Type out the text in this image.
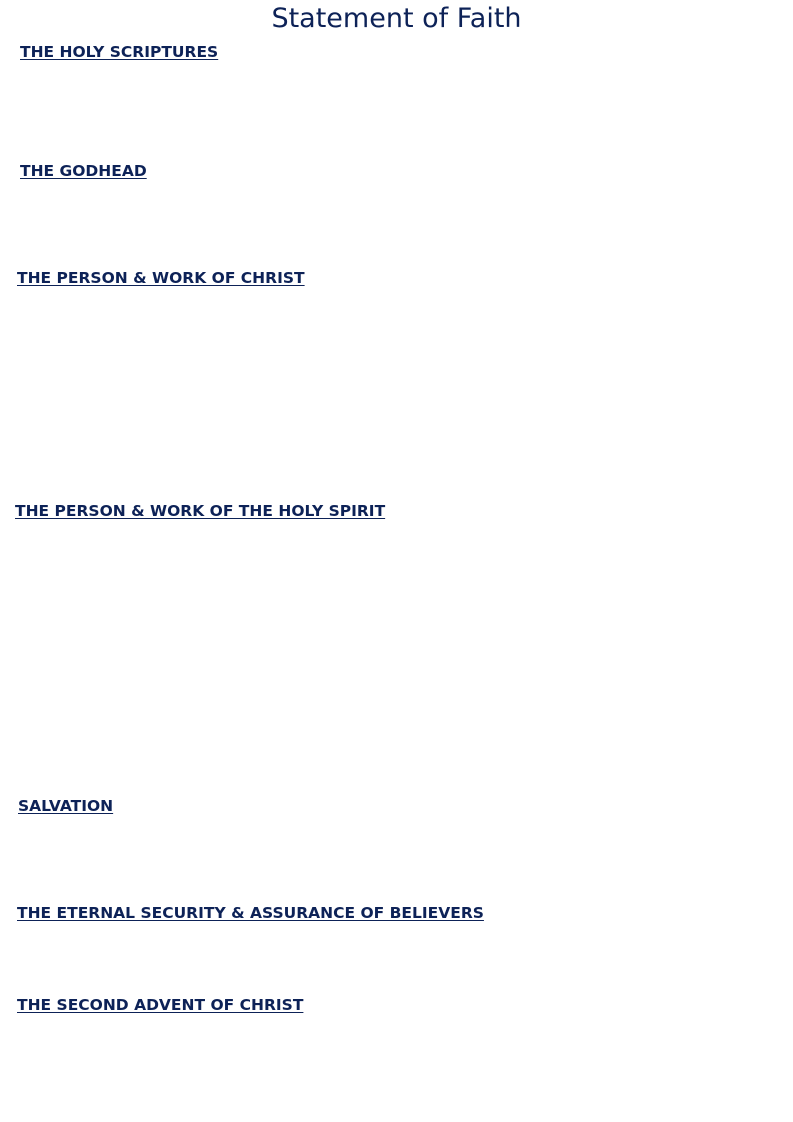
Statement of Faith
THE HOLY SCRIPTURES
THE GODHEAD
THE PERSON & WORK OF CHRIST
THE PERSON & WORK OF THE HOLY SPIRIT
SALVATION
THE ETERNAL SECURITY & ASSURANCE OF BELIEVERS
THE SECOND ADVENT OF CHRIST
